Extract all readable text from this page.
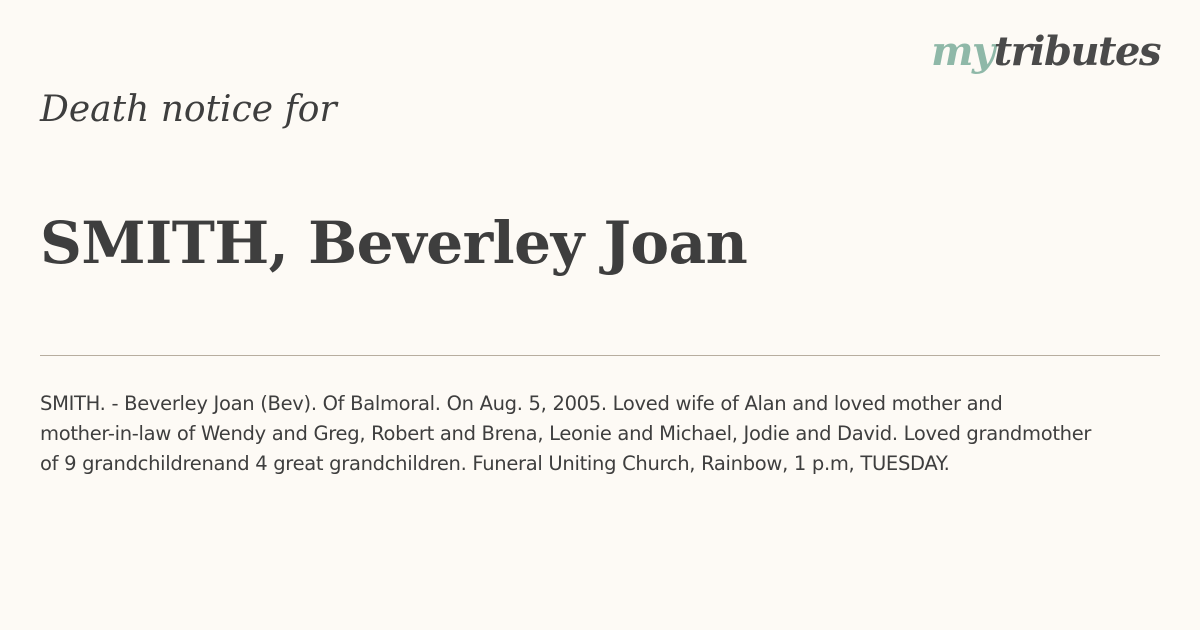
mytributes
Death notice for
SMITH, Beverley Joan
SMITH. - Beverley Joan (Bev). Of Balmoral. On Aug. 5, 2005. Loved wife of Alan and loved mother and
mother-in-law of Wendy and Greg, Robert and Brena, Leonie and Michael, Jodie and David. Loved grandmother
of 9 grandchildrenand 4 great grandchildren. Funeral Uniting Church, Rainbow, 1 p.m, TUESDAY.
